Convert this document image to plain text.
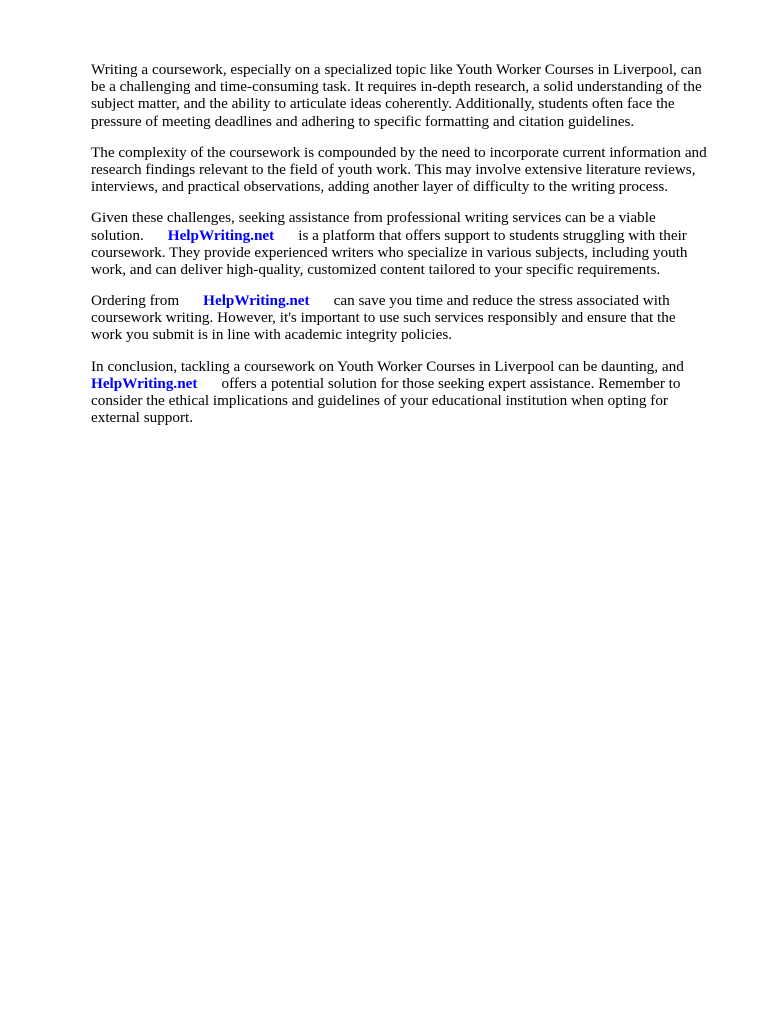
Writing a coursework, especially on a specialized topic like Youth Worker Courses in Liverpool, can
be a challenging and time-consuming task. It requires in-depth research, a solid understanding of the
subject matter, and the ability to articulate ideas coherently. Additionally, students often face the
pressure of meeting deadlines and adhering to specific formatting and citation guidelines.

The complexity of the coursework is compounded by the need to incorporate current information and
research findings relevant to the field of youth work. This may involve extensive literature reviews,
interviews, and practical observations, adding another layer of difficulty to the writing process.

Given these challenges, seeking assistance from professional writing services can be a viable
solution. HelpWriting.net is a platform that offers support to students struggling with their
coursework. They provide experienced writers who specialize in various subjects, including youth
work, and can deliver high-quality, customized content tailored to your specific requirements.

Ordering from HelpWriting.net can save you time and reduce the stress associated with
coursework writing. However, it's important to use such services responsibly and ensure that the
work you submit is in line with academic integrity policies.

In conclusion, tackling a coursework on Youth Worker Courses in Liverpool can be daunting, and
HelpWriting.net offers a potential solution for those seeking expert assistance. Remember to
consider the ethical implications and guidelines of your educational institution when opting for
external support.
